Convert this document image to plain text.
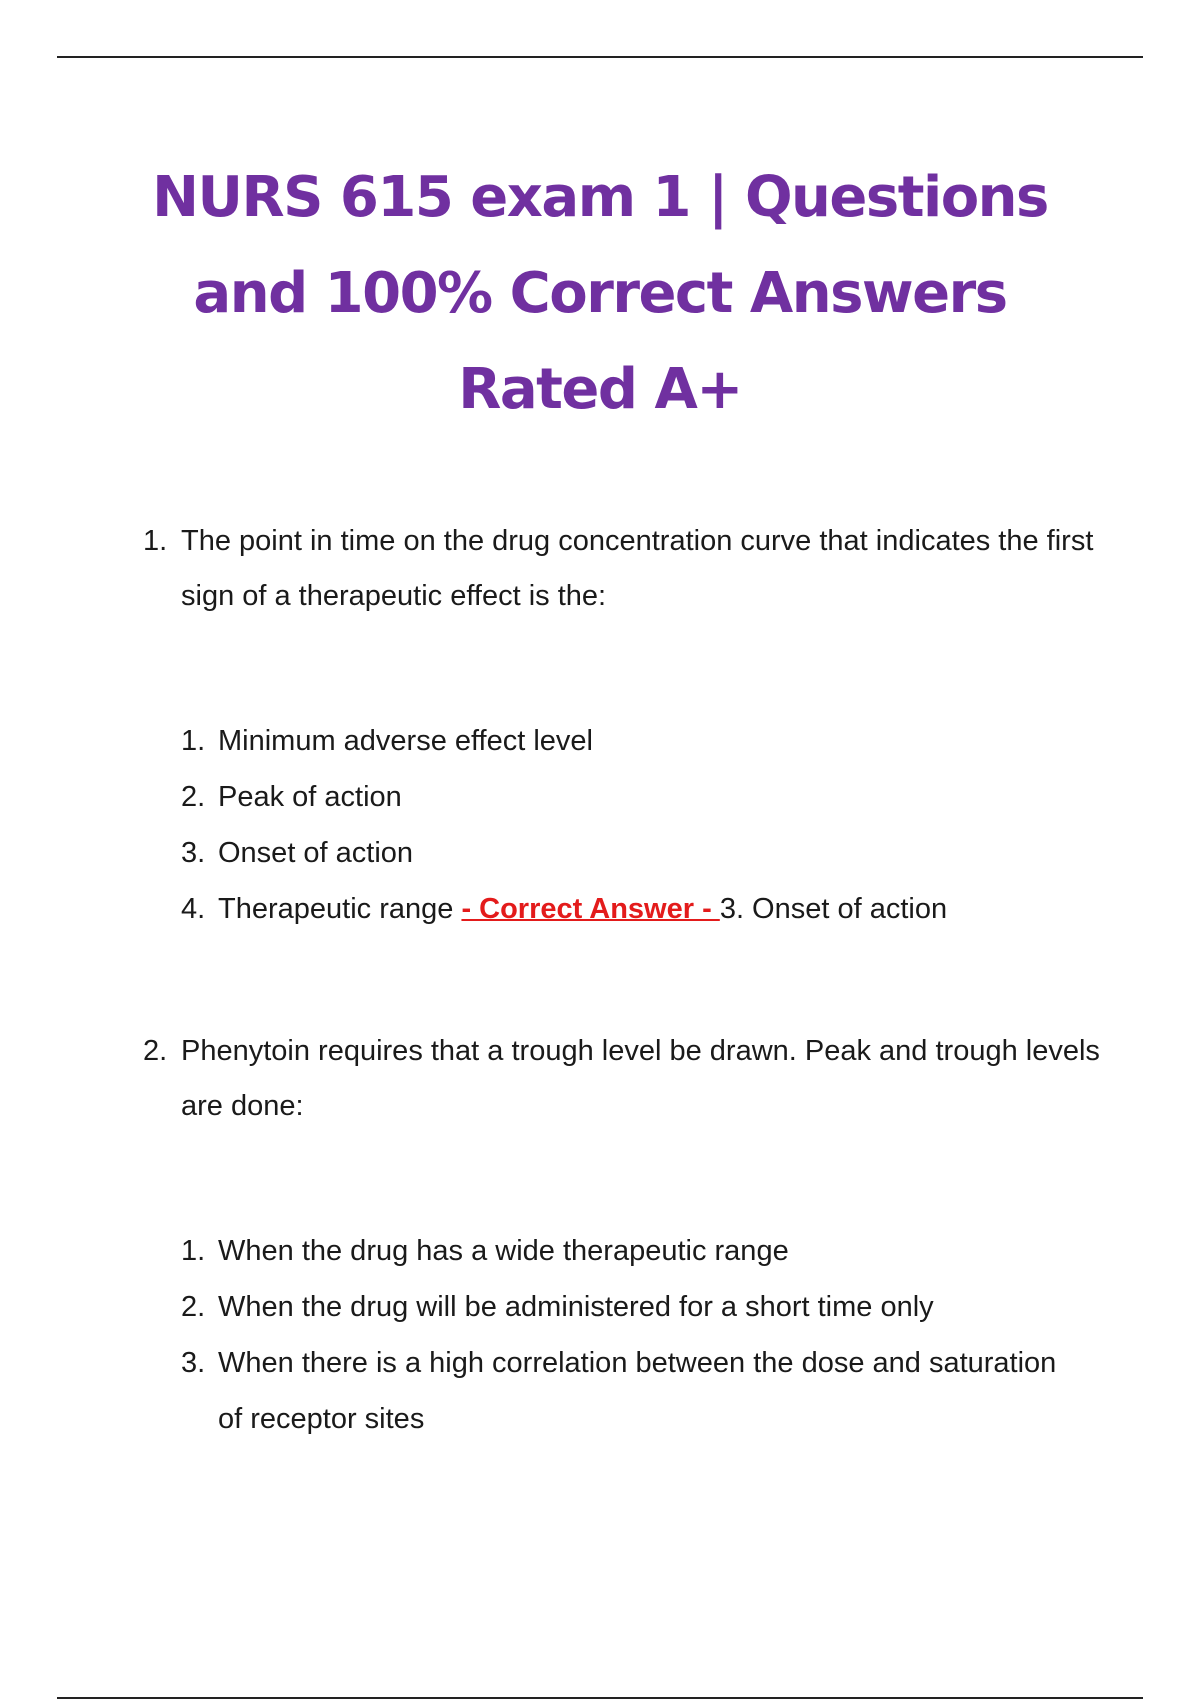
NURS 615 exam 1 | Questions
and 100% Correct Answers
Rated A+
1. The point in time on the drug concentration curve that indicates the first sign of a therapeutic effect is the:
1. Minimum adverse effect level
2. Peak of action
3. Onset of action
4. Therapeutic range - Correct Answer - 3. Onset of action
2. Phenytoin requires that a trough level be drawn. Peak and trough levels are done:
1. When the drug has a wide therapeutic range
2. When the drug will be administered for a short time only
3. When there is a high correlation between the dose and saturation of receptor sites
